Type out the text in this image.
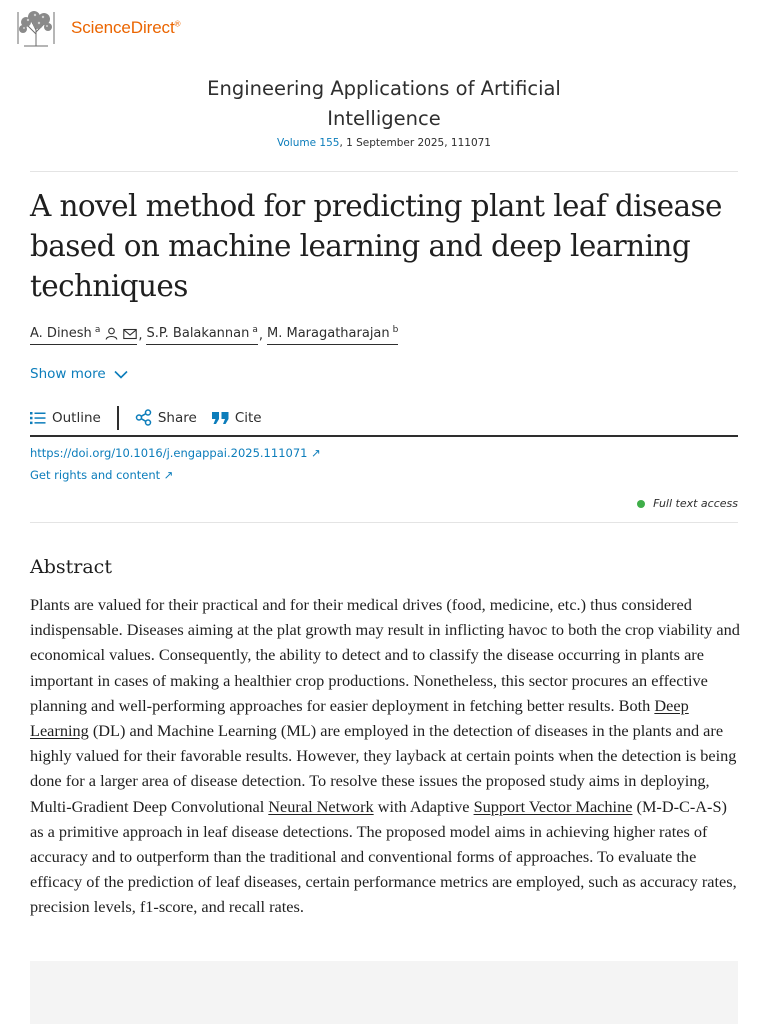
ScienceDirect®
Engineering Applications of Artificial
Intelligence
Volume 155, 1 September 2025, 111071
A novel method for predicting plant leaf disease based on machine learning and deep learning techniques
A. Dinesh $^a$	, S.P. Balakannan $^a$ , M. Maragatharajan $^b$
Show more
Outline	Share	Cite
https://doi.org/10.1016/j.engappai.2025.111071 ↗
Get rights and content ↗
Full text access
Abstract

Plants are valued for their practical and for their medical drives (food, medicine, etc.) thus considered indispensable. Diseases aiming at the plat growth may result in inflicting havoc to both the crop viability and economical values. Consequently, the ability to detect and to classify the disease occurring in plants are important in cases of making a healthier crop productions. Nonetheless, this sector procures an effective planning and well-performing approaches for easier deployment in fetching better results. Both Deep Learning (DL) and Machine Learning (ML) are employed in the detection of diseases in the plants and are highly valued for their favorable results. However, they layback at certain points when the detection is being done for a larger area of disease detection. To resolve these issues the proposed study aims in deploying, Multi-Gradient Deep Convolutional Neural Network with Adaptive Support Vector Machine (M-D-C-A-S) as a primitive approach in leaf disease detections. The proposed model aims in achieving higher rates of accuracy and to outperform than the traditional and conventional forms of approaches. To evaluate the efficacy of the prediction of leaf diseases, certain performance metrics are employed, such as accuracy rates, precision levels, f1-score, and recall rates.
